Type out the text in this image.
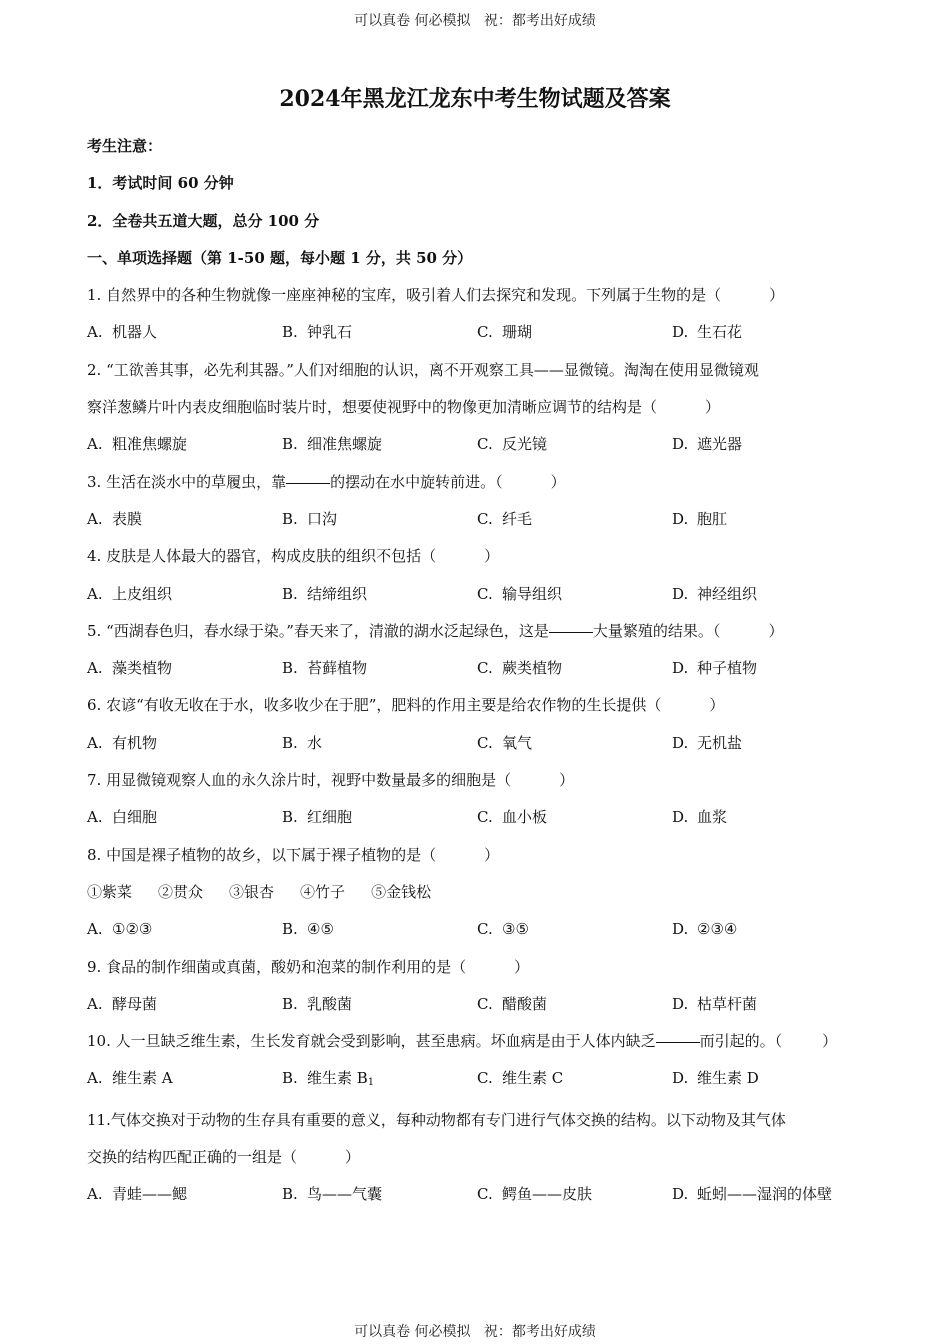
可以真卷 何必模拟   祝：都考出好成绩
2024年黑龙江龙东中考生物试题及答案
考生注意：
1．考试时间 60 分钟
2．全卷共五道大题，总分 100 分
一、单项选择题（第 1-50 题，每小题 1 分，共 50 分）
1. 自然界中的各种生物就像一座座神秘的宝库，吸引着人们去探究和发现。下列属于生物的是（	）
A. 机器人	B. 钟乳石	C. 珊瑚	D. 生石花
2. “工欲善其事，必先利其器。”人们对细胞的认识，离不开观察工具——显微镜。淘淘在使用显微镜观
察洋葱鳞片叶内表皮细胞临时装片时，想要使视野中的物像更加清晰应调节的结构是（	）
A. 粗准焦螺旋	B. 细准焦螺旋	C. 反光镜	D. 遮光器
3. 生活在淡水中的草履虫，靠	的摆动在水中旋转前进。（	）
A. 表膜	B. 口沟	C. 纤毛	D. 胞肛
4. 皮肤是人体最大的器官，构成皮肤的组织不包括（	）
A. 上皮组织	B. 结缔组织	C. 输导组织	D. 神经组织
5. “西湖春色归，春水绿于染。”春天来了，清澈的湖水泛起绿色，这是	大量繁殖的结果。（	）
A. 藻类植物	B. 苔藓植物	C. 蕨类植物	D. 种子植物
6. 农谚“有收无收在于水，收多收少在于肥”，肥料的作用主要是给农作物的生长提供（	）
A. 有机物	B. 水	C. 氧气	D. 无机盐
7. 用显微镜观察人血的永久涂片时，视野中数量最多的细胞是（	）
A. 白细胞	B. 红细胞	C. 血小板	D. 血浆
8. 中国是裸子植物的故乡，以下属于裸子植物的是（	）
①紫菜 ②贯众 ③银杏 ④竹子 ⑤金钱松
A. ①②③	B. ④⑤	C. ③⑤	D. ②③④
9. 食品的制作细菌或真菌，酸奶和泡菜的制作利用的是（	）
A. 酵母菌	B. 乳酸菌	C. 醋酸菌	D. 枯草杆菌
10. 人一旦缺乏维生素，生长发育就会受到影响，甚至患病。坏血病是由于人体内缺乏	而引起的。（	）
A. 维生素 A	B. 维生素 $B_1$	C. 维生素 C	D. 维生素 D
11.气体交换对于动物的生存具有重要的意义，每种动物都有专门进行气体交换的结构。以下动物及其气体
交换的结构匹配正确的一组是（	）
A. 青蛙——鳃	B. 鸟——气囊	C. 鳄鱼——皮肤	D. 蚯蚓——湿润的体壁
可以真卷 何必模拟   祝：都考出好成绩
